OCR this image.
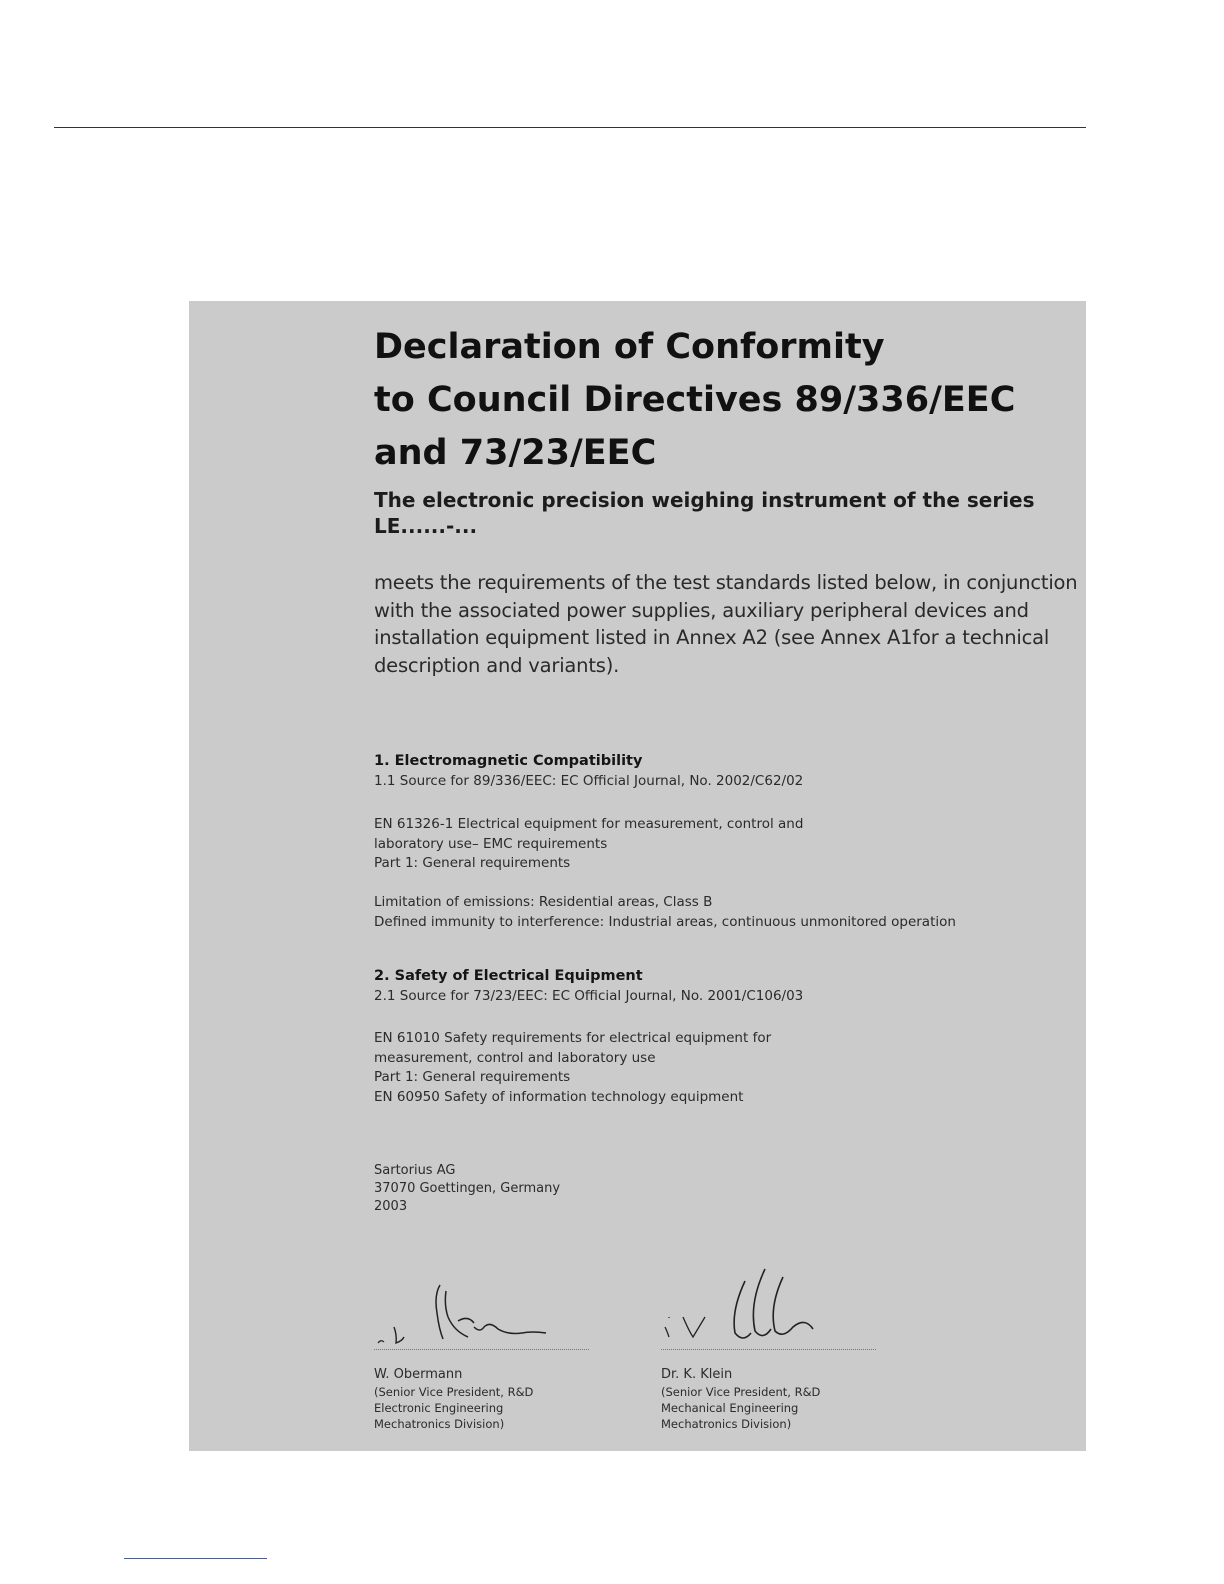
Declaration of Conformity
to Council Directives 89/336/EEC
and 73/23/EEC
The electronic precision weighing instrument of the series
LE......-...

meets the requirements of the test standards listed below, in conjunction with the associated power supplies, auxiliary peripheral devices and installation equipment listed in Annex A2 (see Annex A1for a technical description and variants).

1. Electromagnetic Compatibility
1.1 Source for 89/336/EEC: EC Official Journal, No. 2002/C62/02
EN 61326-1 Electrical equipment for measurement, control and
laboratory use– EMC requirements
Part 1: General requirements
Limitation of emissions: Residential areas, Class B
Defined immunity to interference: Industrial areas, continuous unmonitored operation
2. Safety of Electrical Equipment
2.1 Source for 73/23/EEC: EC Official Journal, No. 2001/C106/03
EN 61010 Safety requirements for electrical equipment for
measurement, control and laboratory use
Part 1: General requirements
EN 60950 Safety of information technology equipment
Sartorius AG
37070 Goettingen, Germany
2003
W. Obermann
(Senior Vice President, R&D
Electronic Engineering
Mechatronics Division)
Dr. K. Klein
(Senior Vice President, R&D
Mechanical Engineering
Mechatronics Division)
